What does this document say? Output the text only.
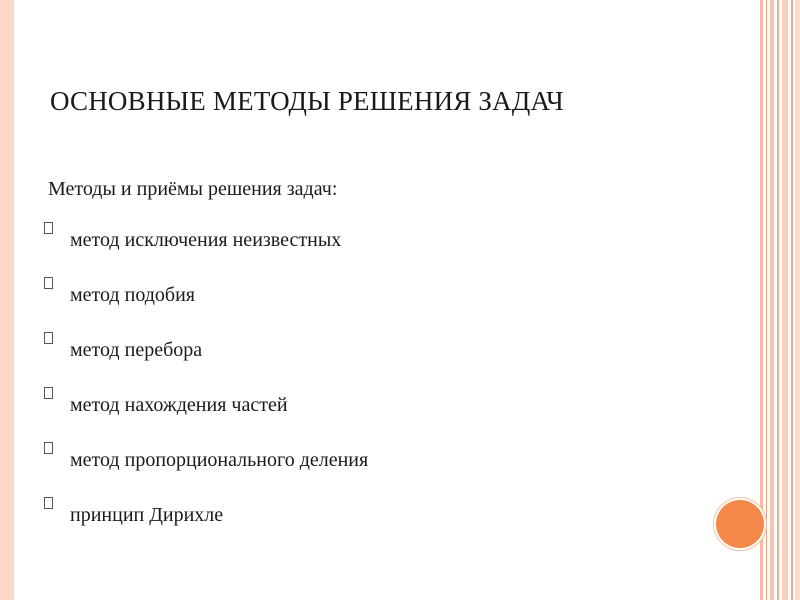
ОСНОВНЫЕ МЕТОДЫ РЕШЕНИЯ ЗАДАЧ
Методы и приёмы решения задач:
метод исключения неизвестных
метод подобия
метод перебора
метод нахождения частей
метод пропорционального деления
принцип Дирихле
